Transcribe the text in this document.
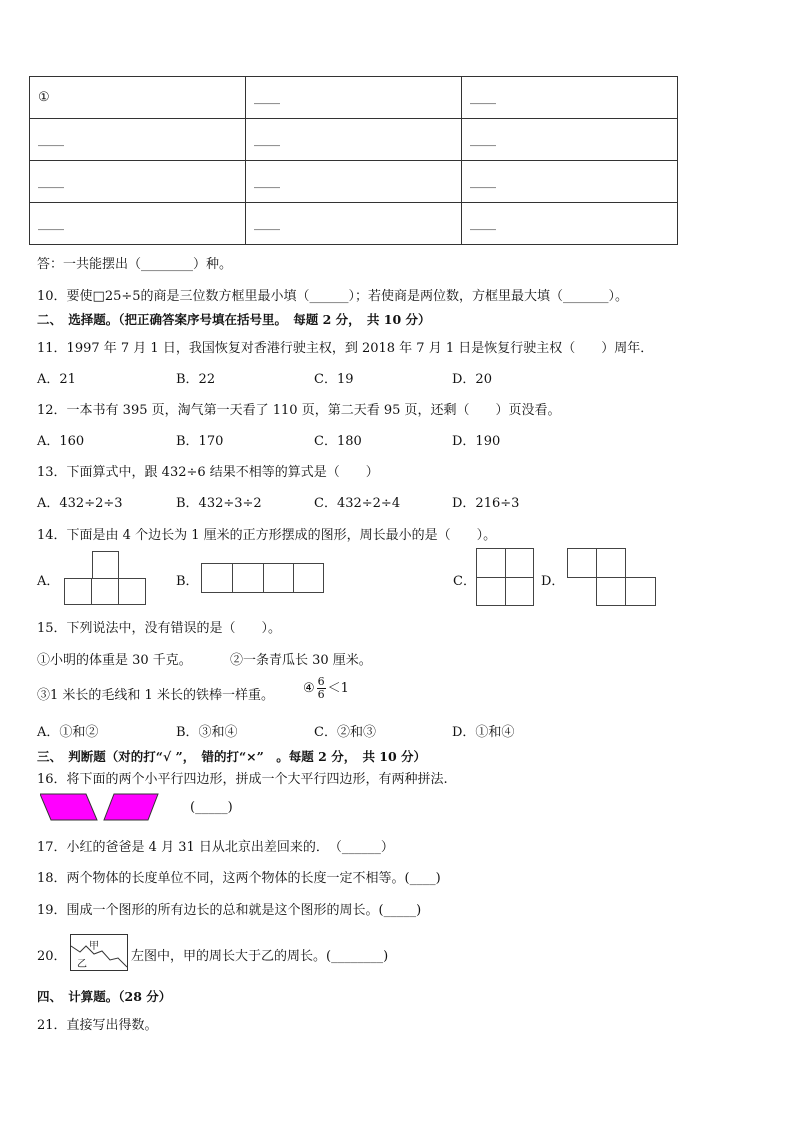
①	____	____
____	____	____
____	____	____
____	____	____
答：一共能摆出（________）种。
10．要使□25÷5的商是三位数方框里最小填（______）；若使商是两位数，方框里最大填（_______）。
二、　选择题。（把正确答案序号填在括号里。　每题 2 分，　共 10 分）
11．1997 年 7 月 1 日，我国恢复对香港行驶主权，到 2018 年 7 月 1 日是恢复行驶主权（　　）周年．
A．21	B．22	C．19	D．20
12．一本书有 395 页，淘气第一天看了 110 页，第二天看 95 页，还剩（　　）页没看。
A．160	B．170	C．180	D．190
13．下面算式中，跟 432÷6 结果不相等的算式是（　　）
A．432÷2÷3	B．432÷3÷2	C．432÷2÷4	D．216÷3
14．下面是由 4 个边长为 1 厘米的正方形摆成的图形，周长最小的是（　　）。
A．	B．	C．	D．
15．下列说法中，没有错误的是（　　）。
①小明的体重是 30 千克。	②一条青瓜长 30 厘米。
③1 米长的毛线和 1 米长的铁棒一样重。 ④ $\frac{6}{6} <1$
A．①和②	B．③和④	C．②和③	D．①和④
三、　判断题（对的打“√ ”，　错的打“×”　。每题 2 分，　共 10 分）
16．将下面的两个小平行四边形，拼成一个大平行四边形，有两种拼法.
(_____)
17．小红的爸爸是 4 月 31 日从北京出差回来的．　（______）
18．两个物体的长度单位不同，这两个物体的长度一定不相等。(____)
19．围成一个图形的所有边长的总和就是这个图形的周长。(_____)
20．
甲
乙
左图中，甲的周长大于乙的周长。(________)
四、　计算题。（28 分）
21．直接写出得数。
